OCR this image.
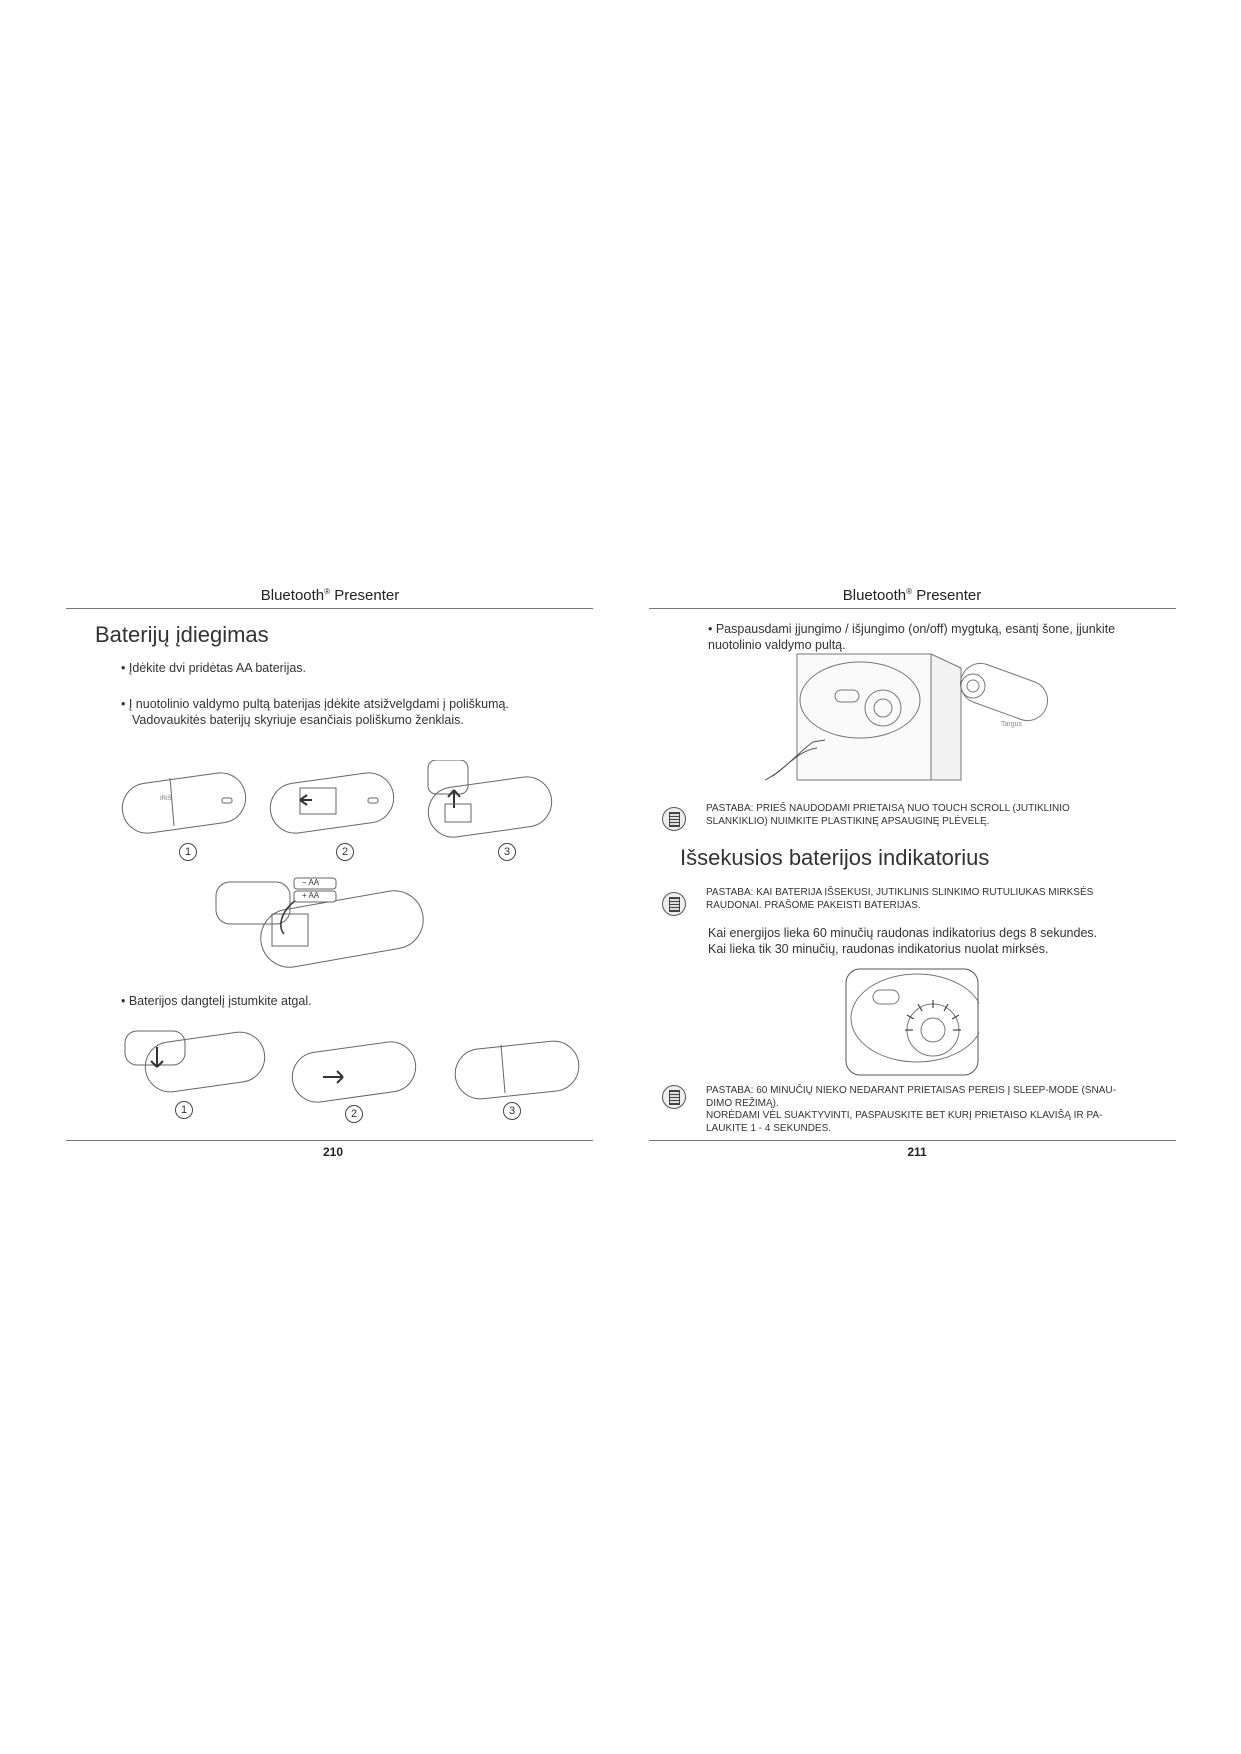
Bluetooth® Presenter
Baterijų įdiegimas
• Įdėkite dvi pridėtas AA baterijas.
• Į nuotolinio valdymo pultą baterijas įdėkite atsižvelgdami į poliškumą.
Vadovaukitės baterijų skyriuje esančiais poliškumo ženklais.
IRIS
1	2	3
− AA
+ AA
• Baterijos dangtelį įstumkite atgal.
1	2	3
210
Bluetooth® Presenter
• Paspausdami įjungimo / išjungimo (on/off) mygtuką, esantį šone, įjunkite
nuotolinio valdymo pultą.
Targus
PASTABA: PRIEŠ NAUDODAMI PRIETAISĄ NUO TOUCH SCROLL (JUTIKLINIO
SLANKIKLIO) NUIMKITE PLASTIKINĘ APSAUGINĘ PLĖVELĘ.
Išsekusios baterijos indikatorius
PASTABA: KAI BATERIJA IŠSEKUSI, JUTIKLINIS SLINKIMO RUTULIUKAS MIRKSĖS
RAUDONAI. PRAŠOME PAKEISTI BATERIJAS.
Kai energijos lieka 60 minučių raudonas indikatorius degs 8 sekundes.
Kai lieka tik 30 minučių, raudonas indikatorius nuolat mirksės.
PASTABA: 60 MINUČIŲ NIEKO NEDARANT PRIETAISAS PEREIS Į SLEEP-MODE (SNAU-
DIMO REŽIMĄ).
NORĖDAMI VĖL SUAKTYVINTI, PASPAUSKITE BET KURĮ PRIETAISO KLAVIŠĄ IR PA-
LAUKITE 1 - 4 SEKUNDES.
211
